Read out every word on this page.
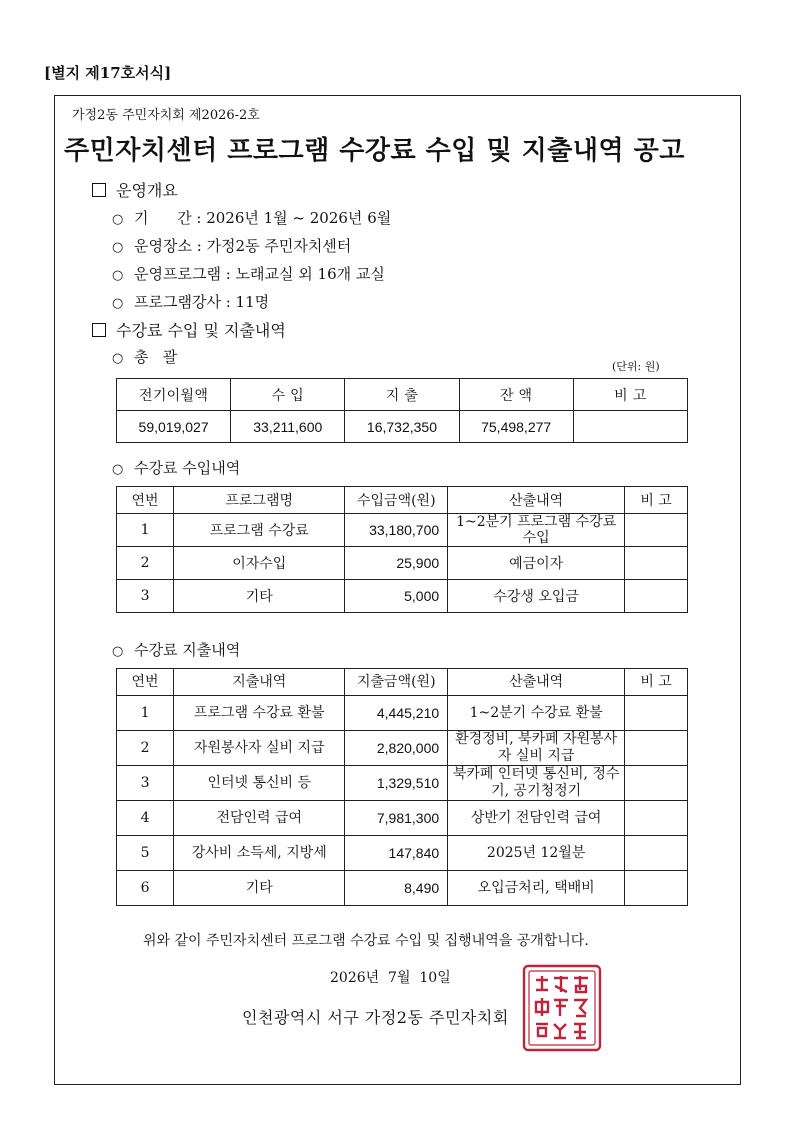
[별지 제17호서식]
가정2동 주민자치회 제2026-2호
주민자치센터 프로그램 수강료 수입 및 지출내역 공고
운영개요
○ 기      간 : 2026년 1월 ~ 2026년 6월
○ 운영장소 : 가정2동 주민자치센터
○ 운영프로그램 : 노래교실 외 16개 교실
○ 프로그램강사 : 11명
수강료 수입 및 지출내역
○ 총   괄
(단위: 원)
전기이월액	수 입	지 출	잔 액	비 고
59,019,027	33,211,600	16,732,350	75,498,277	
○ 수강료 수입내역
연번	프로그램명	수입금액(원)	산출내역	비 고
1	프로그램 수강료	33,180,700	1~2분기 프로그램 수강료 수입	
2	이자수입	25,900	예금이자	
3	기타	5,000	수강생 오입금	
○ 수강료 지출내역
연번	지출내역	지출금액(원)	산출내역	비 고
1	프로그램 수강료 환불	4,445,210	1~2분기 수강료 환불	
2	자원봉사자 실비 지급	2,820,000	환경정비, 북카페 자원봉사자 실비 지급	
3	인터넷 통신비 등	1,329,510	북카페 인터넷 통신비, 정수기, 공기청정기	
4	전담인력 급여	7,981,300	상반기 전담인력 급여	
5	강사비 소득세, 지방세	147,840	2025년 12월분	
6	기타	8,490	오입금처리, 택배비	
위와 같이 주민자치센터 프로그램 수강료 수입 및 집행내역을 공개합니다.
2026년  7월  10일
인천광역시 서구 가정2동 주민자치회
